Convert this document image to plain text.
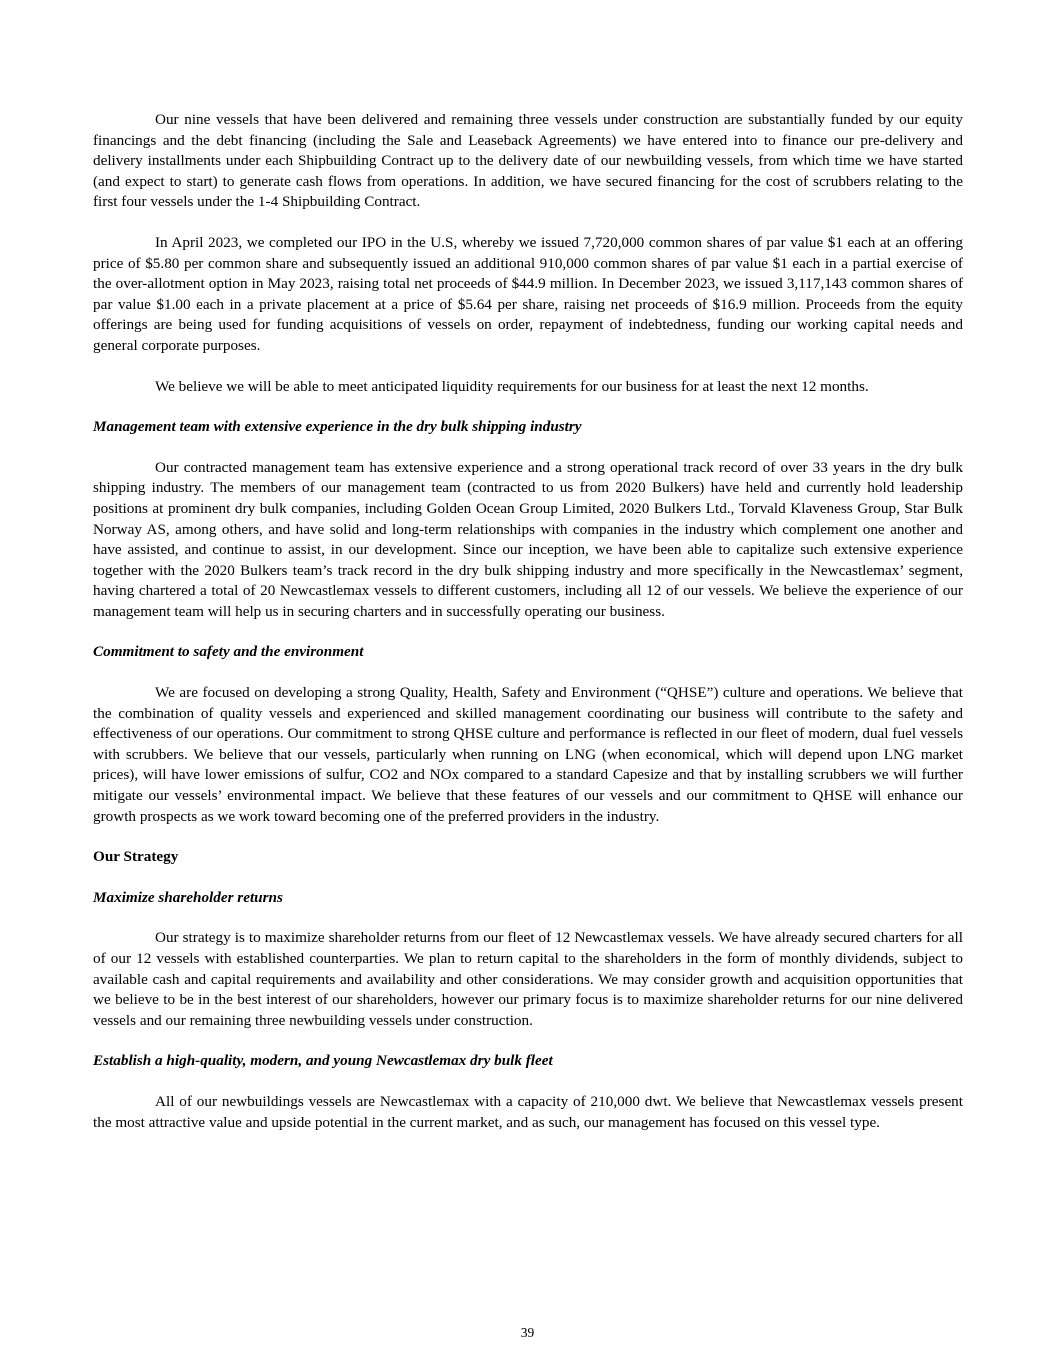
Our nine vessels that have been delivered and remaining three vessels under construction are substantially funded by our equity financings and the debt financing (including the Sale and Leaseback Agreements) we have entered into to finance our pre-delivery and delivery installments under each Shipbuilding Contract up to the delivery date of our newbuilding vessels, from which time we have started (and expect to start) to generate cash flows from operations. In addition, we have secured financing for the cost of scrubbers relating to the first four vessels under the 1-4 Shipbuilding Contract.

In April 2023, we completed our IPO in the U.S, whereby we issued 7,720,000 common shares of par value $1 each at an offering price of $5.80 per common share and subsequently issued an additional 910,000 common shares of par value $1 each in a partial exercise of the over-allotment option in May 2023, raising total net proceeds of $44.9 million. In December 2023, we issued 3,117,143 common shares of par value $1.00 each in a private placement at a price of $5.64 per share, raising net proceeds of $16.9 million. Proceeds from the equity offerings are being used for funding acquisitions of vessels on order, repayment of indebtedness, funding our working capital needs and general corporate purposes.

We believe we will be able to meet anticipated liquidity requirements for our business for at least the next 12 months.

Management team with extensive experience in the dry bulk shipping industry

Our contracted management team has extensive experience and a strong operational track record of over 33 years in the dry bulk shipping industry. The members of our management team (contracted to us from 2020 Bulkers) have held and currently hold leadership positions at prominent dry bulk companies, including Golden Ocean Group Limited, 2020 Bulkers Ltd., Torvald Klaveness Group, Star Bulk Norway AS, among others, and have solid and long-term relationships with companies in the industry which complement one another and have assisted, and continue to assist, in our development. Since our inception, we have been able to capitalize such extensive experience together with the 2020 Bulkers team’s track record in the dry bulk shipping industry and more specifically in the Newcastlemax’ segment, having chartered a total of 20 Newcastlemax vessels to different customers, including all 12 of our vessels. We believe the experience of our management team will help us in securing charters and in successfully operating our business.

Commitment to safety and the environment

We are focused on developing a strong Quality, Health, Safety and Environment (“QHSE”) culture and operations. We believe that the combination of quality vessels and experienced and skilled management coordinating our business will contribute to the safety and effectiveness of our operations. Our commitment to strong QHSE culture and performance is reflected in our fleet of modern, dual fuel vessels with scrubbers. We believe that our vessels, particularly when running on LNG (when economical, which will depend upon LNG market prices), will have lower emissions of sulfur, CO2 and NOx compared to a standard Capesize and that by installing scrubbers we will further mitigate our vessels’ environmental impact. We believe that these features of our vessels and our commitment to QHSE will enhance our growth prospects as we work toward becoming one of the preferred providers in the industry.

Our Strategy

Maximize shareholder returns

Our strategy is to maximize shareholder returns from our fleet of 12 Newcastlemax vessels. We have already secured charters for all of our 12 vessels with established counterparties. We plan to return capital to the shareholders in the form of monthly dividends, subject to available cash and capital requirements and availability and other considerations. We may consider growth and acquisition opportunities that we believe to be in the best interest of our shareholders, however our primary focus is to maximize shareholder returns for our nine delivered vessels and our remaining three newbuilding vessels under construction.

Establish a high-quality, modern, and young Newcastlemax dry bulk fleet

All of our newbuildings vessels are Newcastlemax with a capacity of 210,000 dwt. We believe that Newcastlemax vessels present the most attractive value and upside potential in the current market, and as such, our management has focused on this vessel type.

39
